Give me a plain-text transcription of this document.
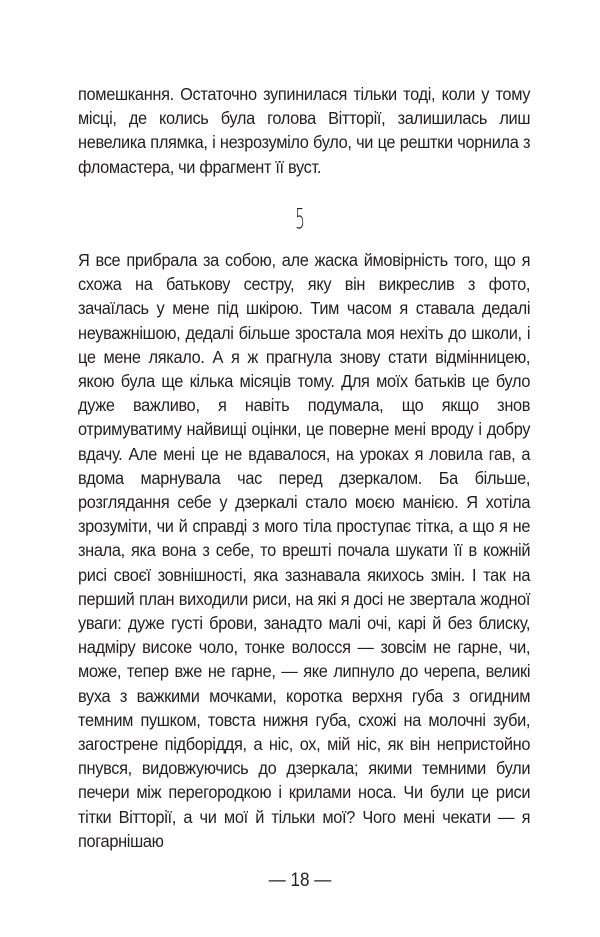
помешкання. Остаточно зупинилася тільки тоді, коли у тому місці, де колись була голова Вітторії, залишилась лиш невелика плямка, і незрозуміло було, чи це рештки чорнила з фломастера, чи фрагмент її вуст.

5

Я все прибрала за собою, але жаска ймовірність того, що я схожа на батькову сестру, яку він викреслив з фото, зачаїлась у мене під шкірою. Тим часом я ставала дедалі неуважнішою, дедалі більше зростала моя нехіть до школи, і це мене лякало. А я ж прагнула знову стати відмінницею, якою була ще кілька місяців тому. Для моїх батьків це було дуже важливо, я навіть подумала, що якщо знов отримуватиму найвищі оцінки, це поверне мені вроду і добру вдачу. Але мені це не вдавалося, на уроках я ловила гав, а вдома марнувала час перед дзеркалом. Ба більше, розглядання себе у дзеркалі стало моєю манією. Я хотіла зрозуміти, чи й справді з мого тіла проступає тітка, а що я не знала, яка вона з себе, то врешті почала шукати її в кожній рисі своєї зовнішності, яка зазнавала якихось змін. І так на перший план виходили риси, на які я досі не звертала жодної уваги: дуже густі брови, занадто малі очі, карі й без блиску, надміру високе чоло, тонке волосся — зовсім не гарне, чи, може, тепер вже не гарне, — яке липнуло до черепа, великі вуха з важкими мочками, коротка верхня губа з огидним темним пушком, товста нижня губа, схожі на молочні зуби, загострене підборіддя, а ніс, ох, мій ніс, як він непристойно пнувся, видовжуючись до дзеркала; якими темними були печери між перегородкою і крилами носа. Чи були це риси тітки Вітторії, а чи мої й тільки мої? Чого мені чекати — я погарнішаю

— 18 —
